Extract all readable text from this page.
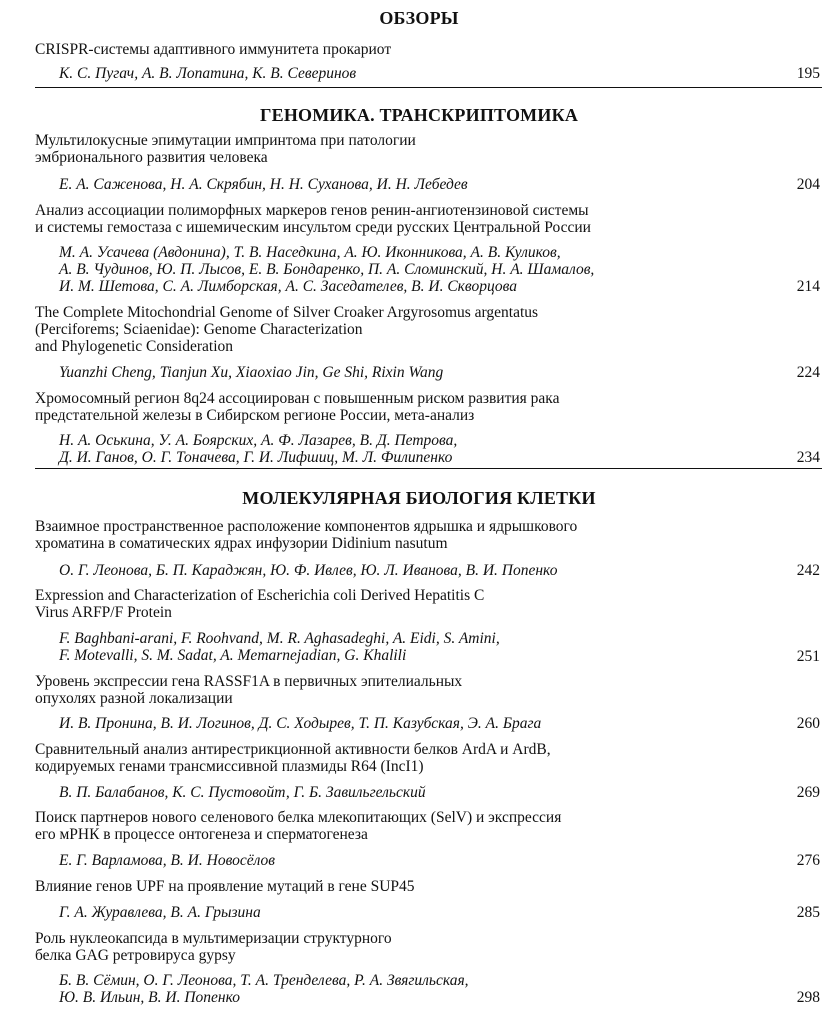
ОБЗОРЫ
CRISPR-системы адаптивного иммунитета прокариот
К. С. Пугач, А. В. Лопатина, К. В. Северинов	195
ГЕНОМИКА. ТРАНСКРИПТОМИКА
Мультилокусные эпимутации импринтома при патологии
эмбрионального развития человека
Е. А. Саженова, Н. А. Скрябин, Н. Н. Суханова, И. Н. Лебедев	204
Анализ ассоциации полиморфных маркеров генов ренин-ангиотензиновой системы
и системы гемостаза с ишемическим инсультом среди русских Центральной России
М. А. Усачева (Авдонина), Т. В. Наседкина, А. Ю. Иконникова, А. В. Куликов,
А. В. Чудинов, Ю. П. Лысов, Е. В. Бондаренко, П. А. Сломинский, Н. А. Шамалов,
И. М. Шетова, С. А. Лимборская, А. С. Заседателев, В. И. Скворцова	214
The Complete Mitochondrial Genome of Silver Croaker Argyrosomus argentatus
(Perciforems; Sciaenidae): Genome Characterization
and Phylogenetic Consideration
Yuanzhi Cheng, Tianjun Xu, Xiaoxiao Jin, Ge Shi, Rixin Wang	224
Хромосомный регион 8q24 ассоциирован с повышенным риском развития рака
предстательной железы в Сибирском регионе России, мета-анализ
Н. А. Оськина, У. А. Боярских, А. Ф. Лазарев, В. Д. Петрова,
Д. И. Ганов, О. Г. Тоначева, Г. И. Лифшиц, М. Л. Филипенко	234
МОЛЕКУЛЯРНАЯ БИОЛОГИЯ КЛЕТКИ
Взаимное пространственное расположение компонентов ядрышка и ядрышкового
хроматина в соматических ядрах инфузории Didinium nasutum
О. Г. Леонова, Б. П. Караджян, Ю. Ф. Ивлев, Ю. Л. Иванова, В. И. Попенко	242
Expression and Characterization of Escherichia coli Derived Hepatitis C
Virus ARFP/F Protein
F. Baghbani-arani, F. Roohvand, M. R. Aghasadeghi, A. Eidi, S. Amini,
F. Motevalli, S. M. Sadat, A. Memarnejadian, G. Khalili	251
Уровень экспрессии гена RASSF1A в первичных эпителиальных
опухолях разной локализации
И. В. Пронина, В. И. Логинов, Д. С. Ходырев, Т. П. Казубская, Э. А. Брага	260
Сравнительный анализ антирестрикционной активности белков ArdA и ArdB,
кодируемых генами трансмиссивной плазмиды R64 (IncI1)
В. П. Балабанов, К. С. Пустовойт, Г. Б. Завильгельский	269
Поиск партнеров нового селенового белка млекопитающих (SelV) и экспрессия
его мРНК в процессе онтогенеза и сперматогенеза
Е. Г. Варламова, В. И. Новосёлов	276
Влияние генов UPF на проявление мутаций в гене SUP45
Г. А. Журавлева, В. А. Грызина	285
Роль нуклеокапсида в мультимеризации структурного
белка GAG ретровируса gypsy
Б. В. Сёмин, О. Г. Леонова, Т. А. Тренделева, Р. А. Звягильская,
Ю. В. Ильин, В. И. Попенко	298
